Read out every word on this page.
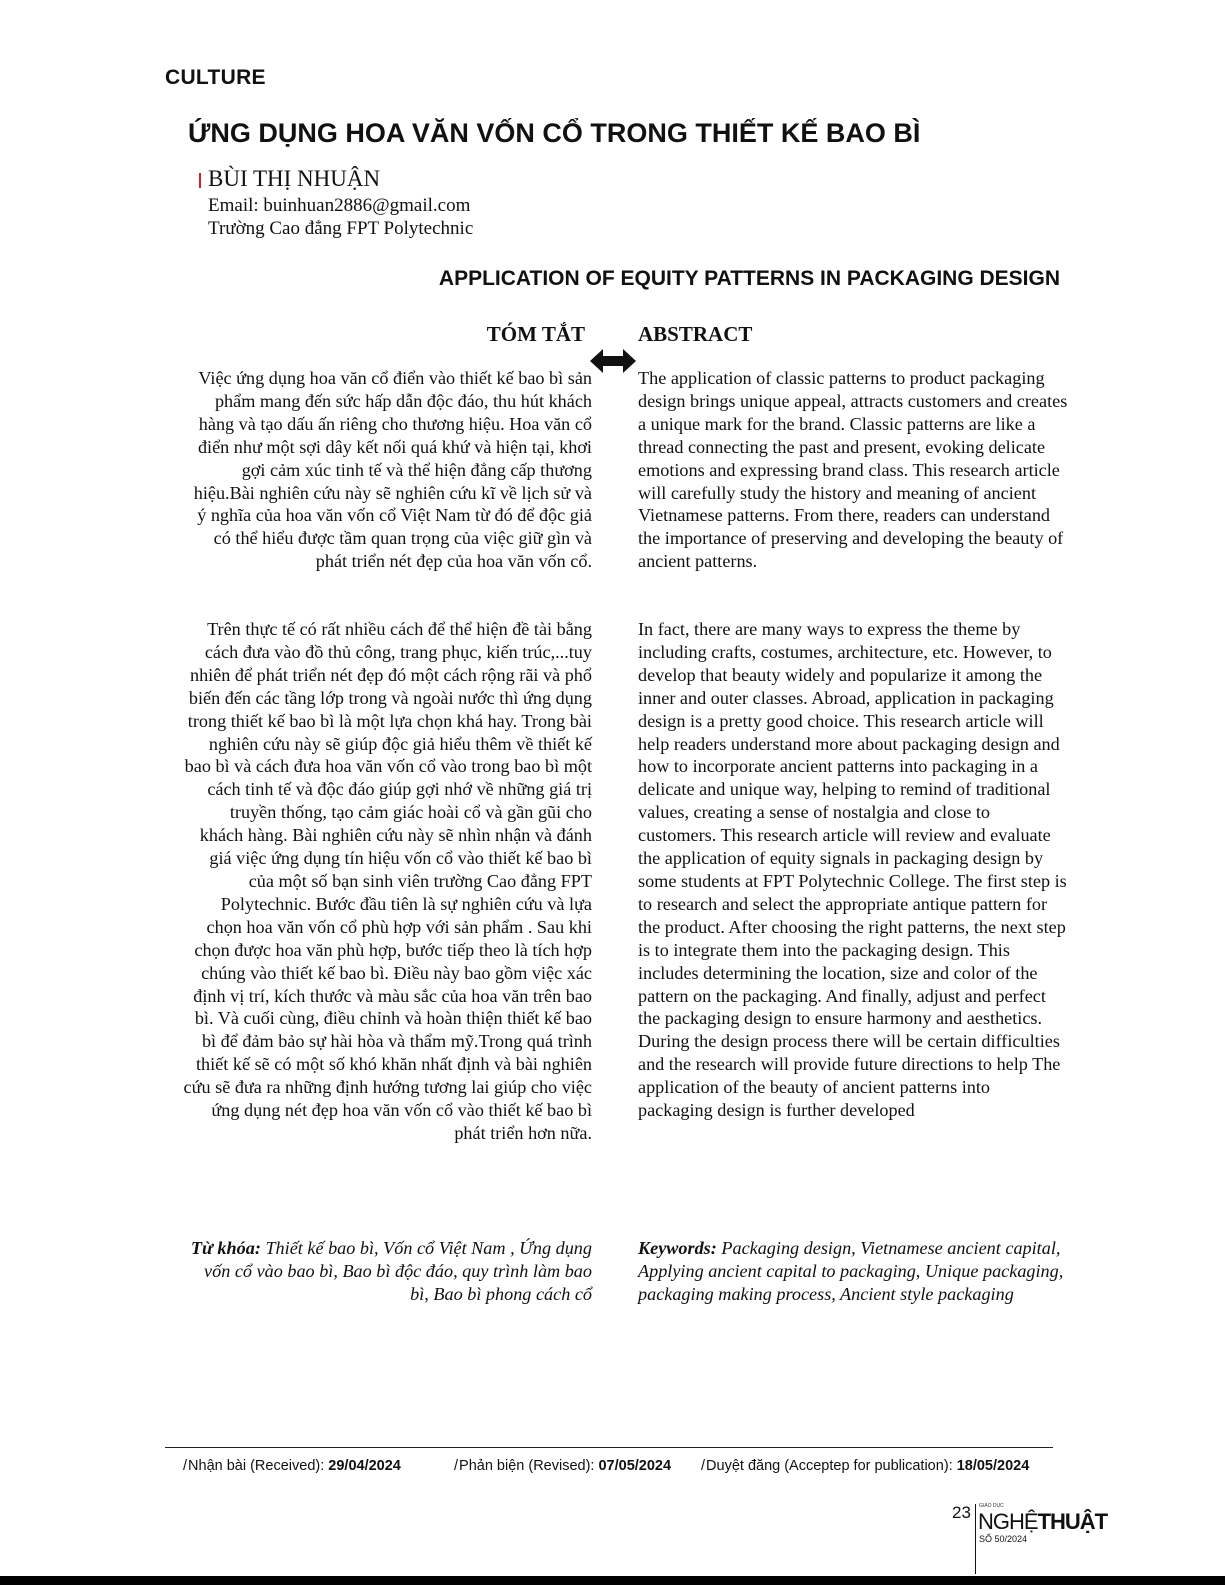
CULTURE
ỨNG DỤNG HOA VĂN VỐN CỔ TRONG THIẾT KẾ BAO BÌ
BÙI THỊ NHUẬN
Email: buinhuan2886@gmail.com
Trường Cao đẳng FPT Polytechnic
APPLICATION OF EQUITY PATTERNS IN PACKAGING DESIGN
TÓM TẮT	ABSTRACT

Việc ứng dụng hoa văn cổ điển vào thiết kế bao bì sản phẩm mang đến sức hấp dẫn độc đáo, thu hút khách hàng và tạo dấu ấn riêng cho thương hiệu. Hoa văn cổ điển như một sợi dây kết nối quá khứ và hiện tại, khơi gợi cảm xúc tinh tế và thể hiện đẳng cấp thương hiệu.Bài nghiên cứu này sẽ nghiên cứu kĩ về lịch sử và ý nghĩa của hoa văn vốn cổ Việt Nam từ đó để độc giả có thể hiểu được tầm quan trọng của việc giữ gìn và phát triển nét đẹp của hoa văn vốn cổ.

Trên thực tế có rất nhiều cách để thể hiện đề tài bằng cách đưa vào đồ thủ công, trang phục, kiến trúc,...tuy nhiên để phát triển nét đẹp đó một cách rộng rãi và phổ biến đến các tầng lớp trong và ngoài nước thì ứng dụng trong thiết kế bao bì là một lựa chọn khá hay. Trong bài nghiên cứu này sẽ giúp độc giả hiểu thêm về thiết kế bao bì và cách đưa hoa văn vốn cổ vào trong bao bì một cách tinh tế và độc đáo giúp gợi nhớ về những giá trị truyền thống, tạo cảm giác hoài cổ và gần gũi cho khách hàng. Bài nghiên cứu này sẽ nhìn nhận và đánh giá việc ứng dụng tín hiệu vốn cổ vào thiết kế bao bì của một số bạn sinh viên trường Cao đẳng FPT Polytechnic. Bước đầu tiên là sự nghiên cứu và lựa chọn hoa văn vốn cổ phù hợp với sản phẩm . Sau khi chọn được hoa văn phù hợp, bước tiếp theo là tích hợp chúng vào thiết kế bao bì. Điều này bao gồm việc xác định vị trí, kích thước và màu sắc của hoa văn trên bao bì. Và cuối cùng, điều chỉnh và hoàn thiện thiết kế bao bì để đảm bảo sự hài hòa và thẩm mỹ.Trong quá trình thiết kế sẽ có một số khó khăn nhất định và bài nghiên cứu sẽ đưa ra những định hướng tương lai giúp cho việc ứng dụng nét đẹp hoa văn vốn cổ vào thiết kế bao bì phát triển hơn nữa.

Từ khóa: Thiết kế bao bì, Vốn cổ Việt Nam , Ứng dụng vốn cổ vào bao bì, Bao bì độc đáo, quy trình làm bao bì, Bao bì phong cách cổ

The application of classic patterns to product packaging design brings unique appeal, attracts customers and creates a unique mark for the brand. Classic patterns are like a thread connecting the past and present, evoking delicate emotions and expressing brand class. This research article will carefully study the history and meaning of ancient Vietnamese patterns. From there, readers can understand the importance of preserving and developing the beauty of ancient patterns.

In fact, there are many ways to express the theme by including crafts, costumes, architecture, etc. However, to develop that beauty widely and popularize it among the inner and outer classes. Abroad, application in packaging design is a pretty good choice. This research article will help readers understand more about packaging design and how to incorporate ancient patterns into packaging in a delicate and unique way, helping to remind of traditional values, creating a sense of nostalgia and close to customers. This research article will review and evaluate the application of equity signals in packaging design by some students at FPT Polytechnic College. The first step is to research and select the appropriate antique pattern for the product. After choosing the right patterns, the next step is to integrate them into the packaging design. This includes determining the location, size and color of the pattern on the packaging. And finally, adjust and perfect the packaging design to ensure harmony and aesthetics. During the design process there will be certain difficulties and the research will provide future directions to help The application of the beauty of ancient patterns into packaging design is further developed

Keywords: Packaging design, Vietnamese ancient capital, Applying ancient capital to packaging, Unique packaging, packaging making process, Ancient style packaging

/Nhận bài (Received): 29/04/2024	/Phản biện (Revised): 07/05/2024 /Duyệt đăng (Acceptep for publication): 18/05/2024
23 GIÁO DỤC
NGHỆTHUẬT
SỐ 50/2024
